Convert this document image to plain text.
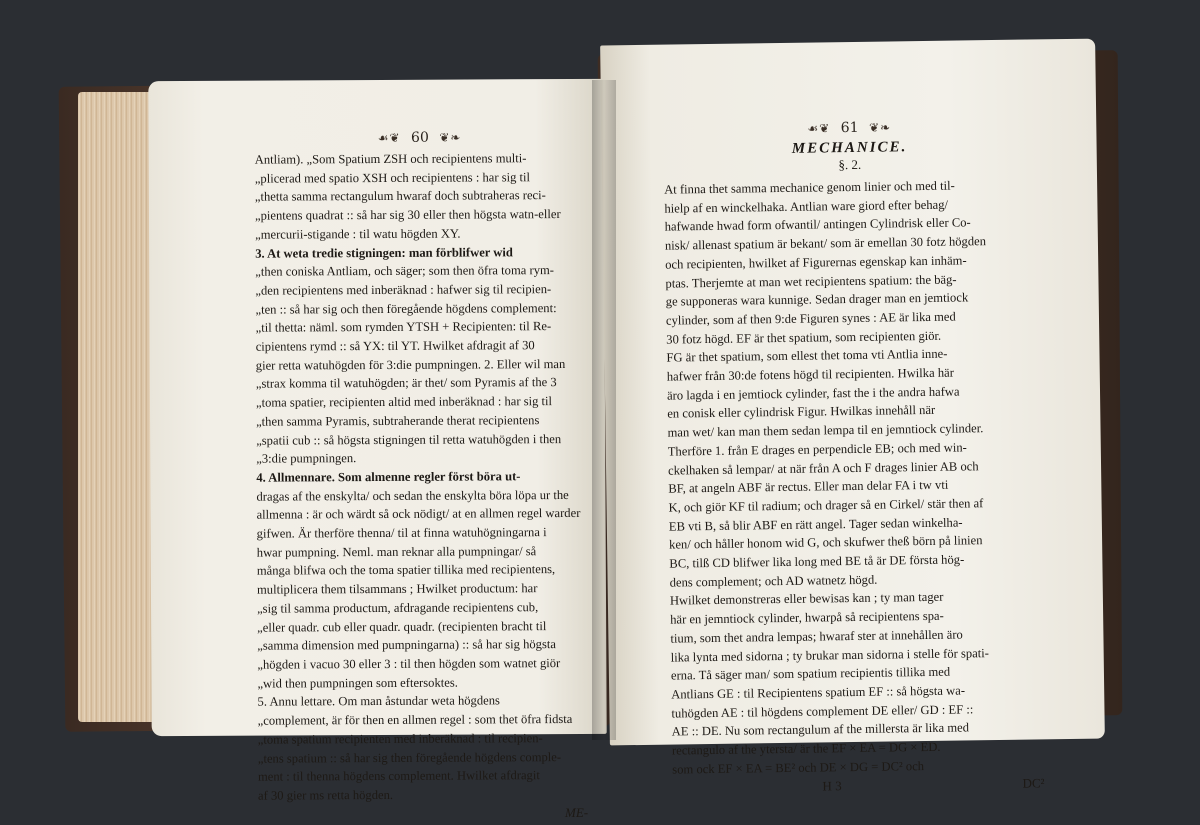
☙❦ 60 ❦❧
Antliam). „Som Spatium ZSH och recipientens multi-
„plicerad med spatio XSH och recipientens : har sig til
„thetta samma rectangulum hwaraf doch subtraheras reci-
„pientens quadrat :: så har sig 30 eller then högsta watn-eller
„mercurii-stigande : til watu högden XY.
3. At weta tredie stigningen: man förblifwer wid
„then coniska Antliam, och säger; som then öfra toma rym-
„den recipientens med inberäknad : hafwer sig til recipien-
„ten :: så har sig och then föregående högdens complement:
„til thetta: näml. som rymden YTSH + Recipienten: til Re-
cipientens rymd :: så YX: til YT. Hwilket afdragit af 30
gier retta watuhögden för 3:die pumpningen. 2. Eller wil man
„strax komma til watuhögden; är thet/ som Pyramis af the 3
„toma spatier, recipienten altid med inberäknad : har sig til
„then samma Pyramis, subtraherande therat recipientens
„spatii cub :: så högsta stigningen til retta watuhögden i then
„3:die pumpningen.
4. Allmennare. Som almenne regler först böra ut-
dragas af the enskylta/ och sedan the enskylta böra löpa ur the
allmenna : är och wärdt så ock nödigt/ at en allmen regel warder
gifwen. Är therföre thenna/ til at finna watuhögningarna i
hwar pumpning. Neml. man reknar alla pumpningar/ så
många blifwa och the toma spatier tillika med recipientens,
multiplicera them tilsammans ; Hwilket productum: har
„sig til samma productum, afdragande recipientens cub,
„eller quadr. cub eller quadr. quadr. (recipienten bracht til
„samma dimension med pumpningarna) :: så har sig högsta
„högden i vacuo 30 eller 3 : til then högden som watnet giör
„wid then pumpningen som eftersoktes.
5. Annu lettare. Om man åstundar weta högdens
„complement, är för then en allmen regel : som thet öfra fidsta
„toma spatium recipienten med inberäknad : til recipien-
„tens spatium :: så har sig then föregående högdens comple-
ment : til thenna högdens complement. Hwilket afdragit
af 30 gier ms retta högden.
ME-
☙❦ 61 ❦❧
MECHANICE.
§. 2.
At finna thet samma mechanice genom linier och med til-
hielp af en winckelhaka. Antlian ware giord efter behag/
hafwande hwad form ofwantil/ antingen Cylindrisk eller Co-
nisk/ allenast spatium är bekant/ som är emellan 30 fotz högden
och recipienten, hwilket af Figurernas egenskap kan inhäm-
ptas. Therjemte at man wet recipientens spatium: the bäg-
ge supponeras wara kunnige. Sedan drager man en jemtiock
cylinder, som af then 9:de Figuren synes : AE är lika med
30 fotz högd. EF är thet spatium, som recipienten giör.
FG är thet spatium, som ellest thet toma vti Antlia inne-
hafwer från 30:de fotens högd til recipienten. Hwilka här
äro lagda i en jemtiock cylinder, fast the i the andra hafwa
en conisk eller cylindrisk Figur. Hwilkas innehåll när
man wet/ kan man them sedan lempa til en jemntiock cylinder.
Therföre 1. från E drages en perpendicle EB; och med win-
ckelhaken så lempar/ at när från A och F drages linier AB och
BF, at angeln ABF är rectus. Eller man delar FA i tw vti
K, och giör KF til radium; och drager så en Cirkel/ stär then af
EB vti B, så blir ABF en rätt angel. Tager sedan winkelha-
ken/ och håller honom wid G, och skufwer theß börn på linien
BC, tilß CD blifwer lika long med BE tå är DE första hög-
dens complement; och AD watnetz högd.
Hwilket demonstreras eller bewisas kan ; ty man tager
här en jemntiock cylinder, hwarpå så recipientens spa-
tium, som thet andra lempas; hwaraf ster at innehållen äro
lika lynta med sidorna ; ty brukar man sidorna i stelle för spati-
erna. Tå säger man/ som spatium recipientis tillika med
Antlians GE : til Recipientens spatium EF :: så högsta wa-
tuhögden AE : til högdens complement DE eller/ GD : EF ::
AE :: DE. Nu som rectangulum af the millersta är lika med
rectangulo af the ytersta/ är the EF × EA = DG × ED.
som ock EF × EA = BE² och DE × DG = DC² och
H 3	DC²
